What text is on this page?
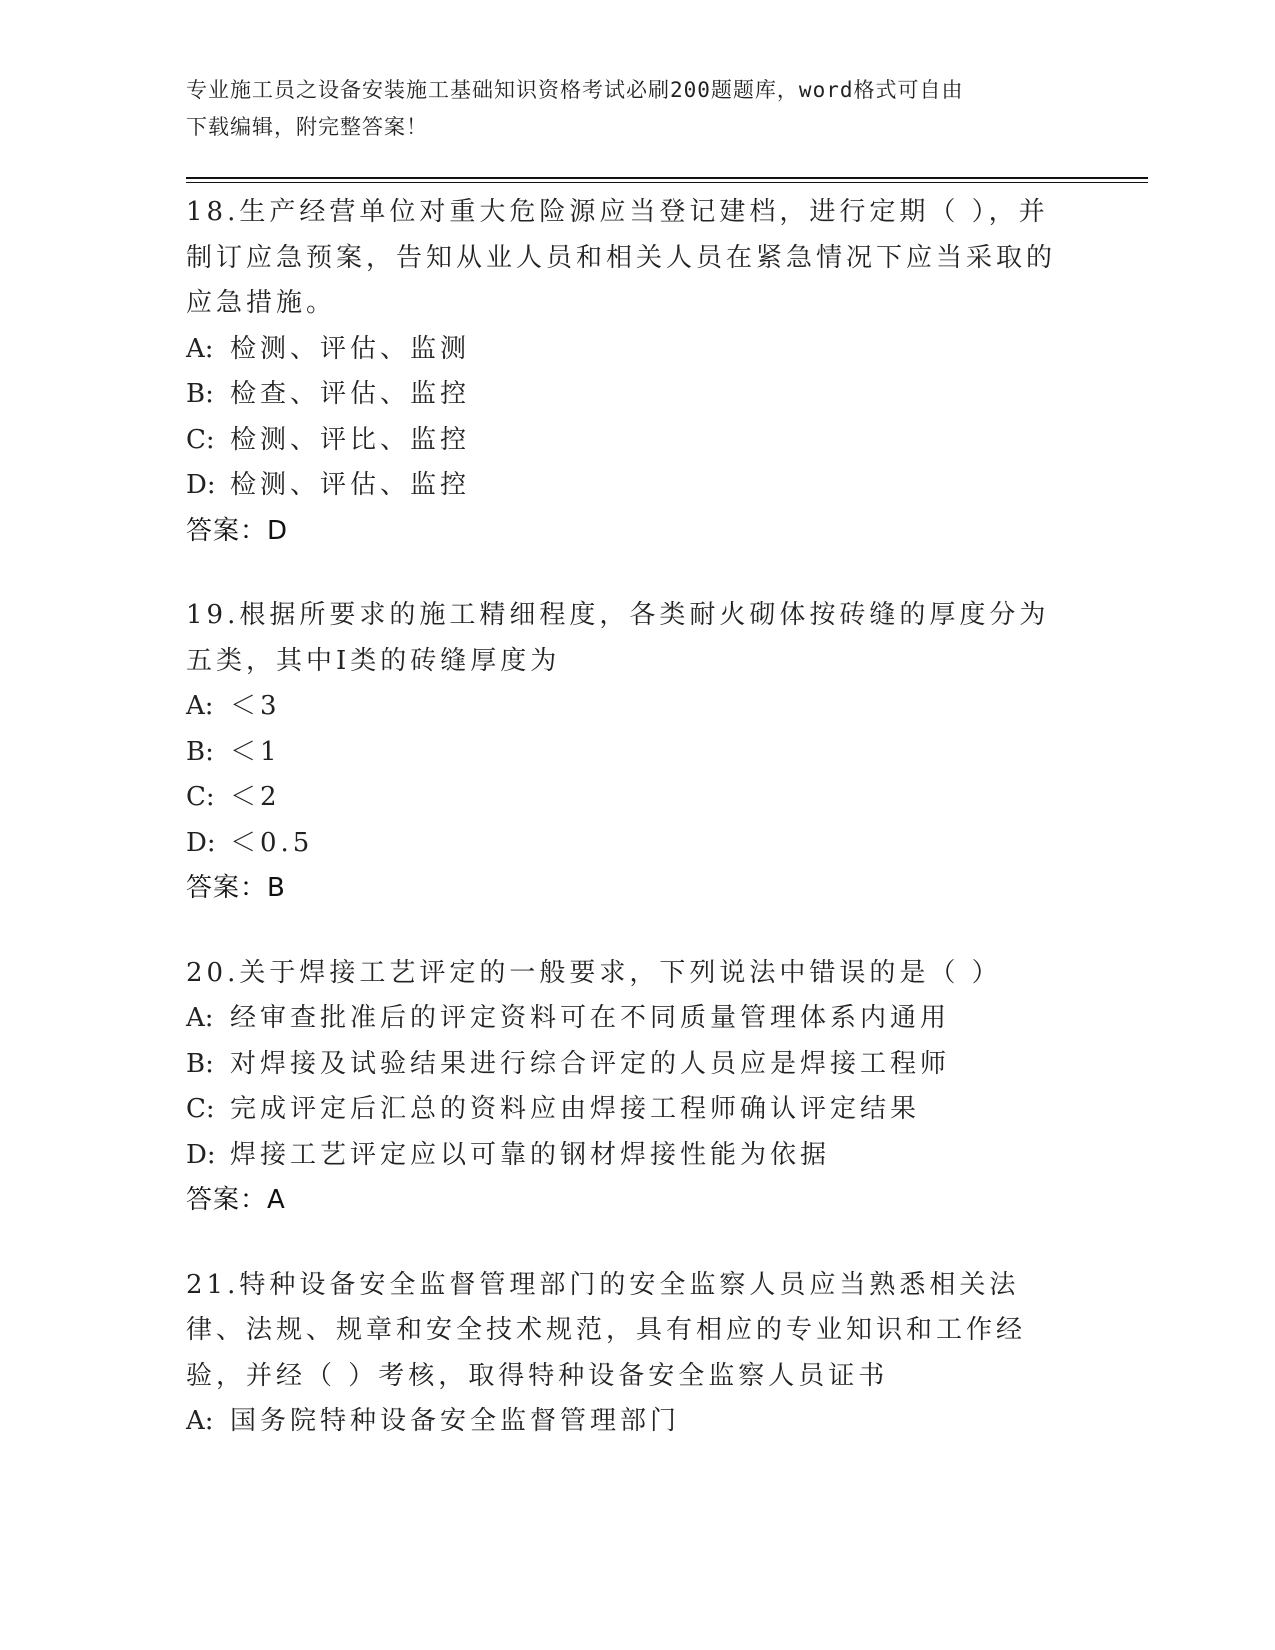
专业施工员之设备安装施工基础知识资格考试必刷200题题库，word格式可自由
下载编辑，附完整答案！
18.生产经营单位对重大危险源应当登记建档，进行定期（ ），并制订应急预案，告知从业人员和相关人员在紧急情况下应当采取的应急措施。
A: 检测、评估、监测
B: 检查、评估、监控
C: 检测、评比、监控
D: 检测、评估、监控
答案：D
19.根据所要求的施工精细程度，各类耐火砌体按砖缝的厚度分为五类，其中Ⅰ类的砖缝厚度为
A: ＜3
B: ＜1
C: ＜2
D: ＜0.5
答案：B
20.关于焊接工艺评定的一般要求，下列说法中错误的是（ ）
A: 经审查批准后的评定资料可在不同质量管理体系内通用
B: 对焊接及试验结果进行综合评定的人员应是焊接工程师
C: 完成评定后汇总的资料应由焊接工程师确认评定结果
D: 焊接工艺评定应以可靠的钢材焊接性能为依据
答案：A
21.特种设备安全监督管理部门的安全监察人员应当熟悉相关法律、法规、规章和安全技术规范，具有相应的专业知识和工作经验，并经（ ）考核，取得特种设备安全监察人员证书
A: 国务院特种设备安全监督管理部门
